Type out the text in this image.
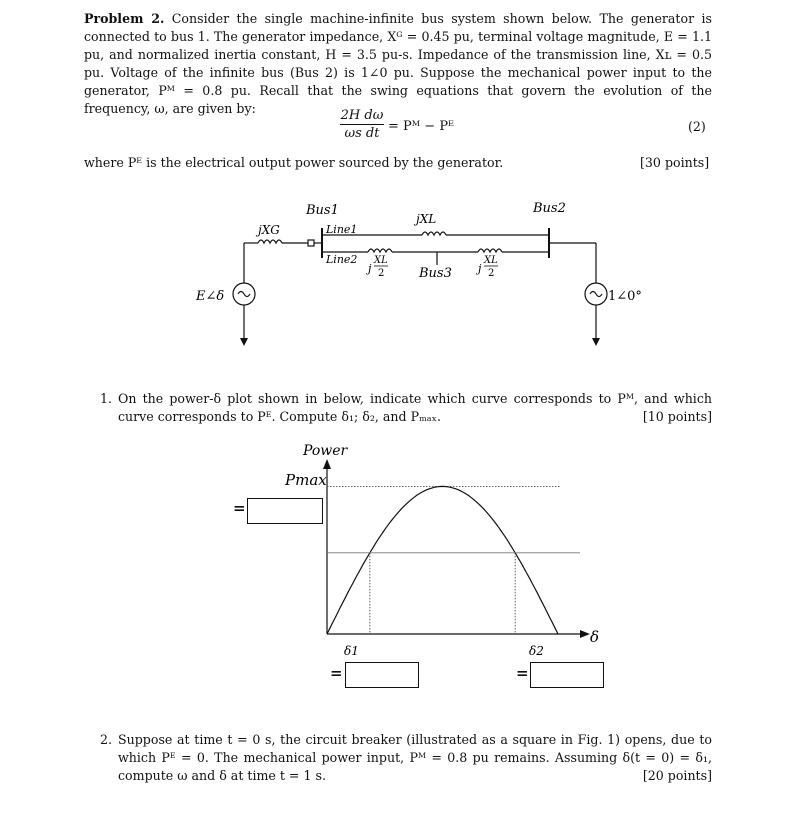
Problem 2. Consider the single machine-infinite bus system shown below. The generator is connected to bus 1. The generator impedance, Xᴳ = 0.45 pu, terminal voltage magnitude, E = 1.1 pu, and normalized inertia constant, H = 3.5 pu-s. Impedance of the transmission line, Xʟ = 0.5 pu. Voltage of the infinite bus (Bus 2) is 1∠0 pu. Suppose the mechanical power input to the generator, Pᴹ = 0.8 pu. Recall that the swing equations that govern the evolution of the frequency, ω, are given by:	$\frac{\text{2H dω}}{\text{ωs dt}}$ = Pᴹ − Pᴱ	(2)
where Pᴱ is the electrical output power sourced by the generator.	[30 points]
Bus1	Bus2
Bus3
Line1
Line2
jXG
jXL
j
XL
2	j
XL
2
E∠δ	1∠0°
1. On the power-δ plot shown in below, indicate which curve corresponds to Pᴹ, and which curve corresponds to Pᴱ. Compute δ₁; δ₂, and Pₘₐₓ.	[10 points]
Power
Pmax
δ
δ1	δ2
=
=	=
2. Suppose at time t = 0 s, the circuit breaker (illustrated as a square in Fig. 1) opens, due to which Pᴱ = 0. The mechanical power input, Pᴹ = 0.8 pu remains. Assuming δ(t = 0) = δ₁, compute ω and δ at time t = 1 s.	[20 points]
